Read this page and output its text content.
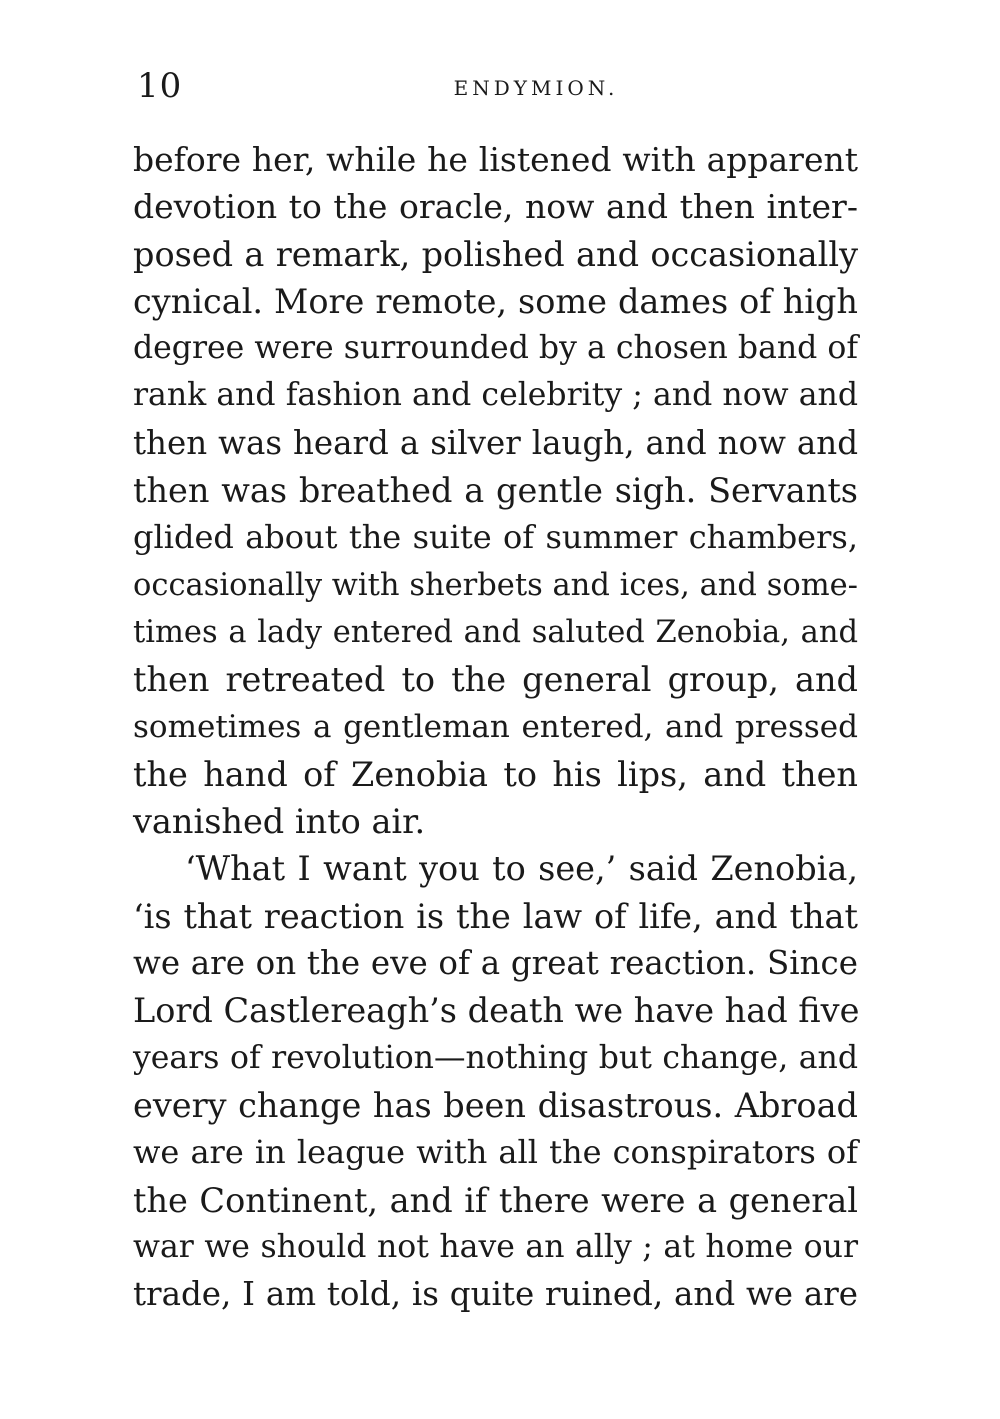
10	ENDYMION.
before her, while he listened with apparent
devotion to the oracle, now and then inter-
posed a remark, polished and occasionally
cynical. More remote, some dames of high
degree were surrounded by a chosen band of
rank and fashion and celebrity ; and now and
then was heard a silver laugh, and now and
then was breathed a gentle sigh. Servants
glided about the suite of summer chambers,
occasionally with sherbets and ices, and some-
times a lady entered and saluted Zenobia, and
then retreated to the general group, and
sometimes a gentleman entered, and pressed
the hand of Zenobia to his lips, and then
vanished into air.
‘What I want you to see,’ said Zenobia,
‘is that reaction is the law of life, and that
we are on the eve of a great reaction. Since
Lord Castlereagh’s death we have had five
years of revolution—nothing but change, and
every change has been disastrous. Abroad
we are in league with all the conspirators of
the Continent, and if there were a general
war we should not have an ally ; at home our
trade, I am told, is quite ruined, and we are
